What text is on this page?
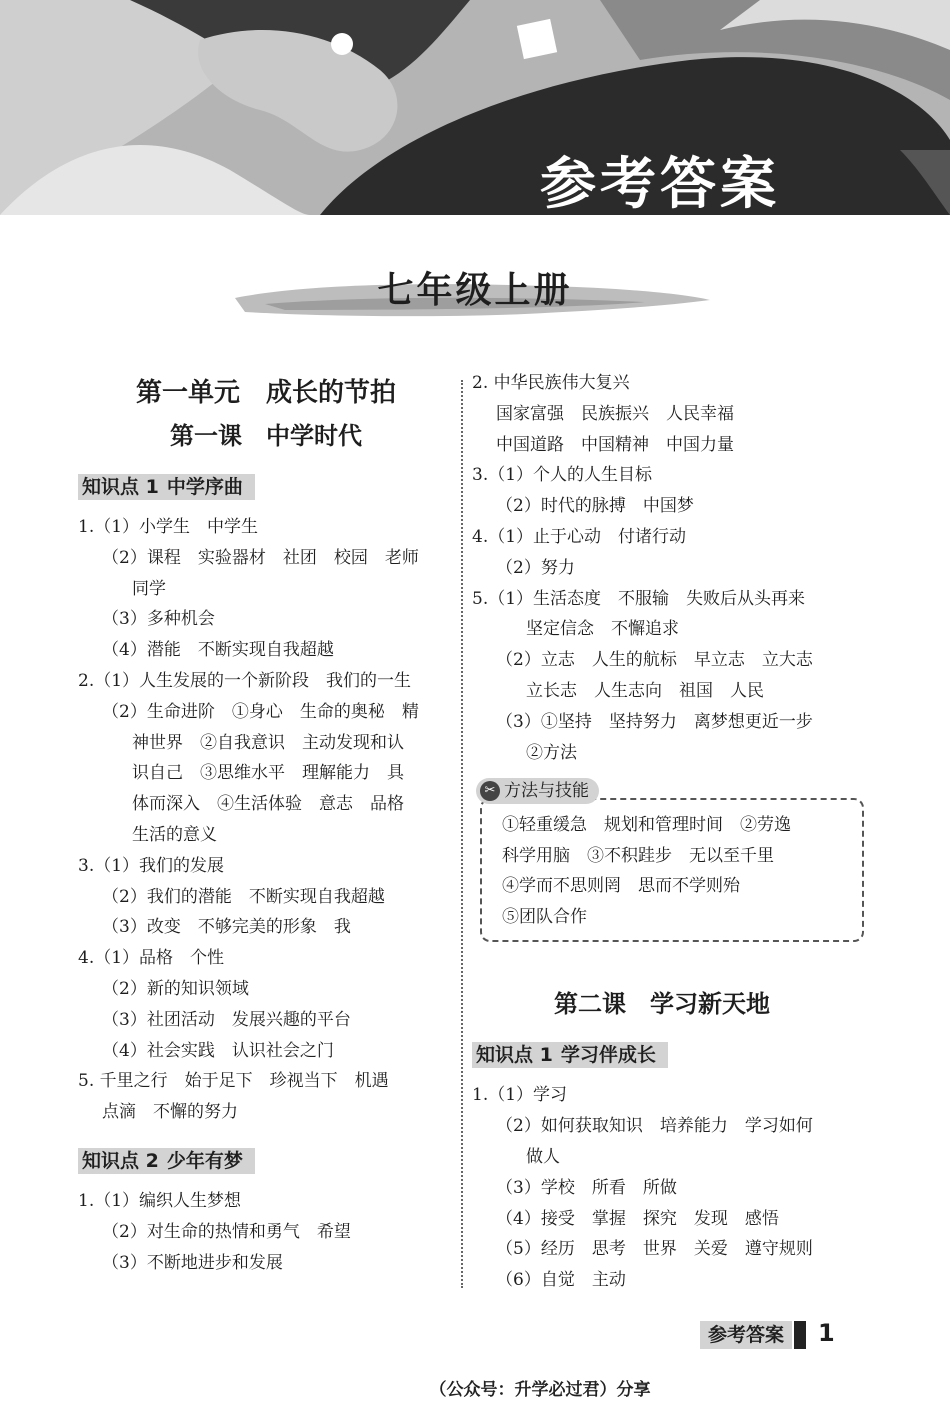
参考答案
七年级上册
第一单元　成长的节拍
第一课　中学时代
知识点 1 中学序曲
1.（1）小学生　中学生
（2）课程　实验器材　社团　校园　老师
同学
（3）多种机会
（4）潜能　不断实现自我超越
2.（1）人生发展的一个新阶段　我们的一生
（2）生命进阶　①身心　生命的奥秘　精
神世界　②自我意识　主动发现和认
识自己　③思维水平　理解能力　具
体而深入　④生活体验　意志　品格
生活的意义
3.（1）我们的发展
（2）我们的潜能　不断实现自我超越
（3）改变　不够完美的形象　我
4.（1）品格　个性
（2）新的知识领域
（3）社团活动　发展兴趣的平台
（4）社会实践　认识社会之门
5. 千里之行　始于足下　珍视当下　机遇
点滴　不懈的努力
知识点 2 少年有梦
1.（1）编织人生梦想
（2）对生命的热情和勇气　希望
（3）不断地进步和发展
2. 中华民族伟大复兴
国家富强　民族振兴　人民幸福
中国道路　中国精神　中国力量
3.（1）个人的人生目标
（2）时代的脉搏　中国梦
4.（1）止于心动　付诸行动
（2）努力
5.（1）生活态度　不服输　失败后从头再来
坚定信念　不懈追求
（2）立志　人生的航标　早立志　立大志
立长志　人生志向　祖国　人民
（3）①坚持　坚持努力　离梦想更近一步
②方法
✂ 方法与技能
①轻重缓急　规划和管理时间　②劳逸
科学用脑　③不积跬步　无以至千里
④学而不思则罔　思而不学则殆
⑤团队合作
第二课　学习新天地
知识点 1 学习伴成长
1.（1）学习
（2）如何获取知识　培养能力　学习如何
做人
（3）学校　所看　所做
（4）接受　掌握　探究　发现　感悟
（5）经历　思考　世界　关爱　遵守规则
（6）自觉　主动
参考答案	1
（公众号：升学必过君）分享
